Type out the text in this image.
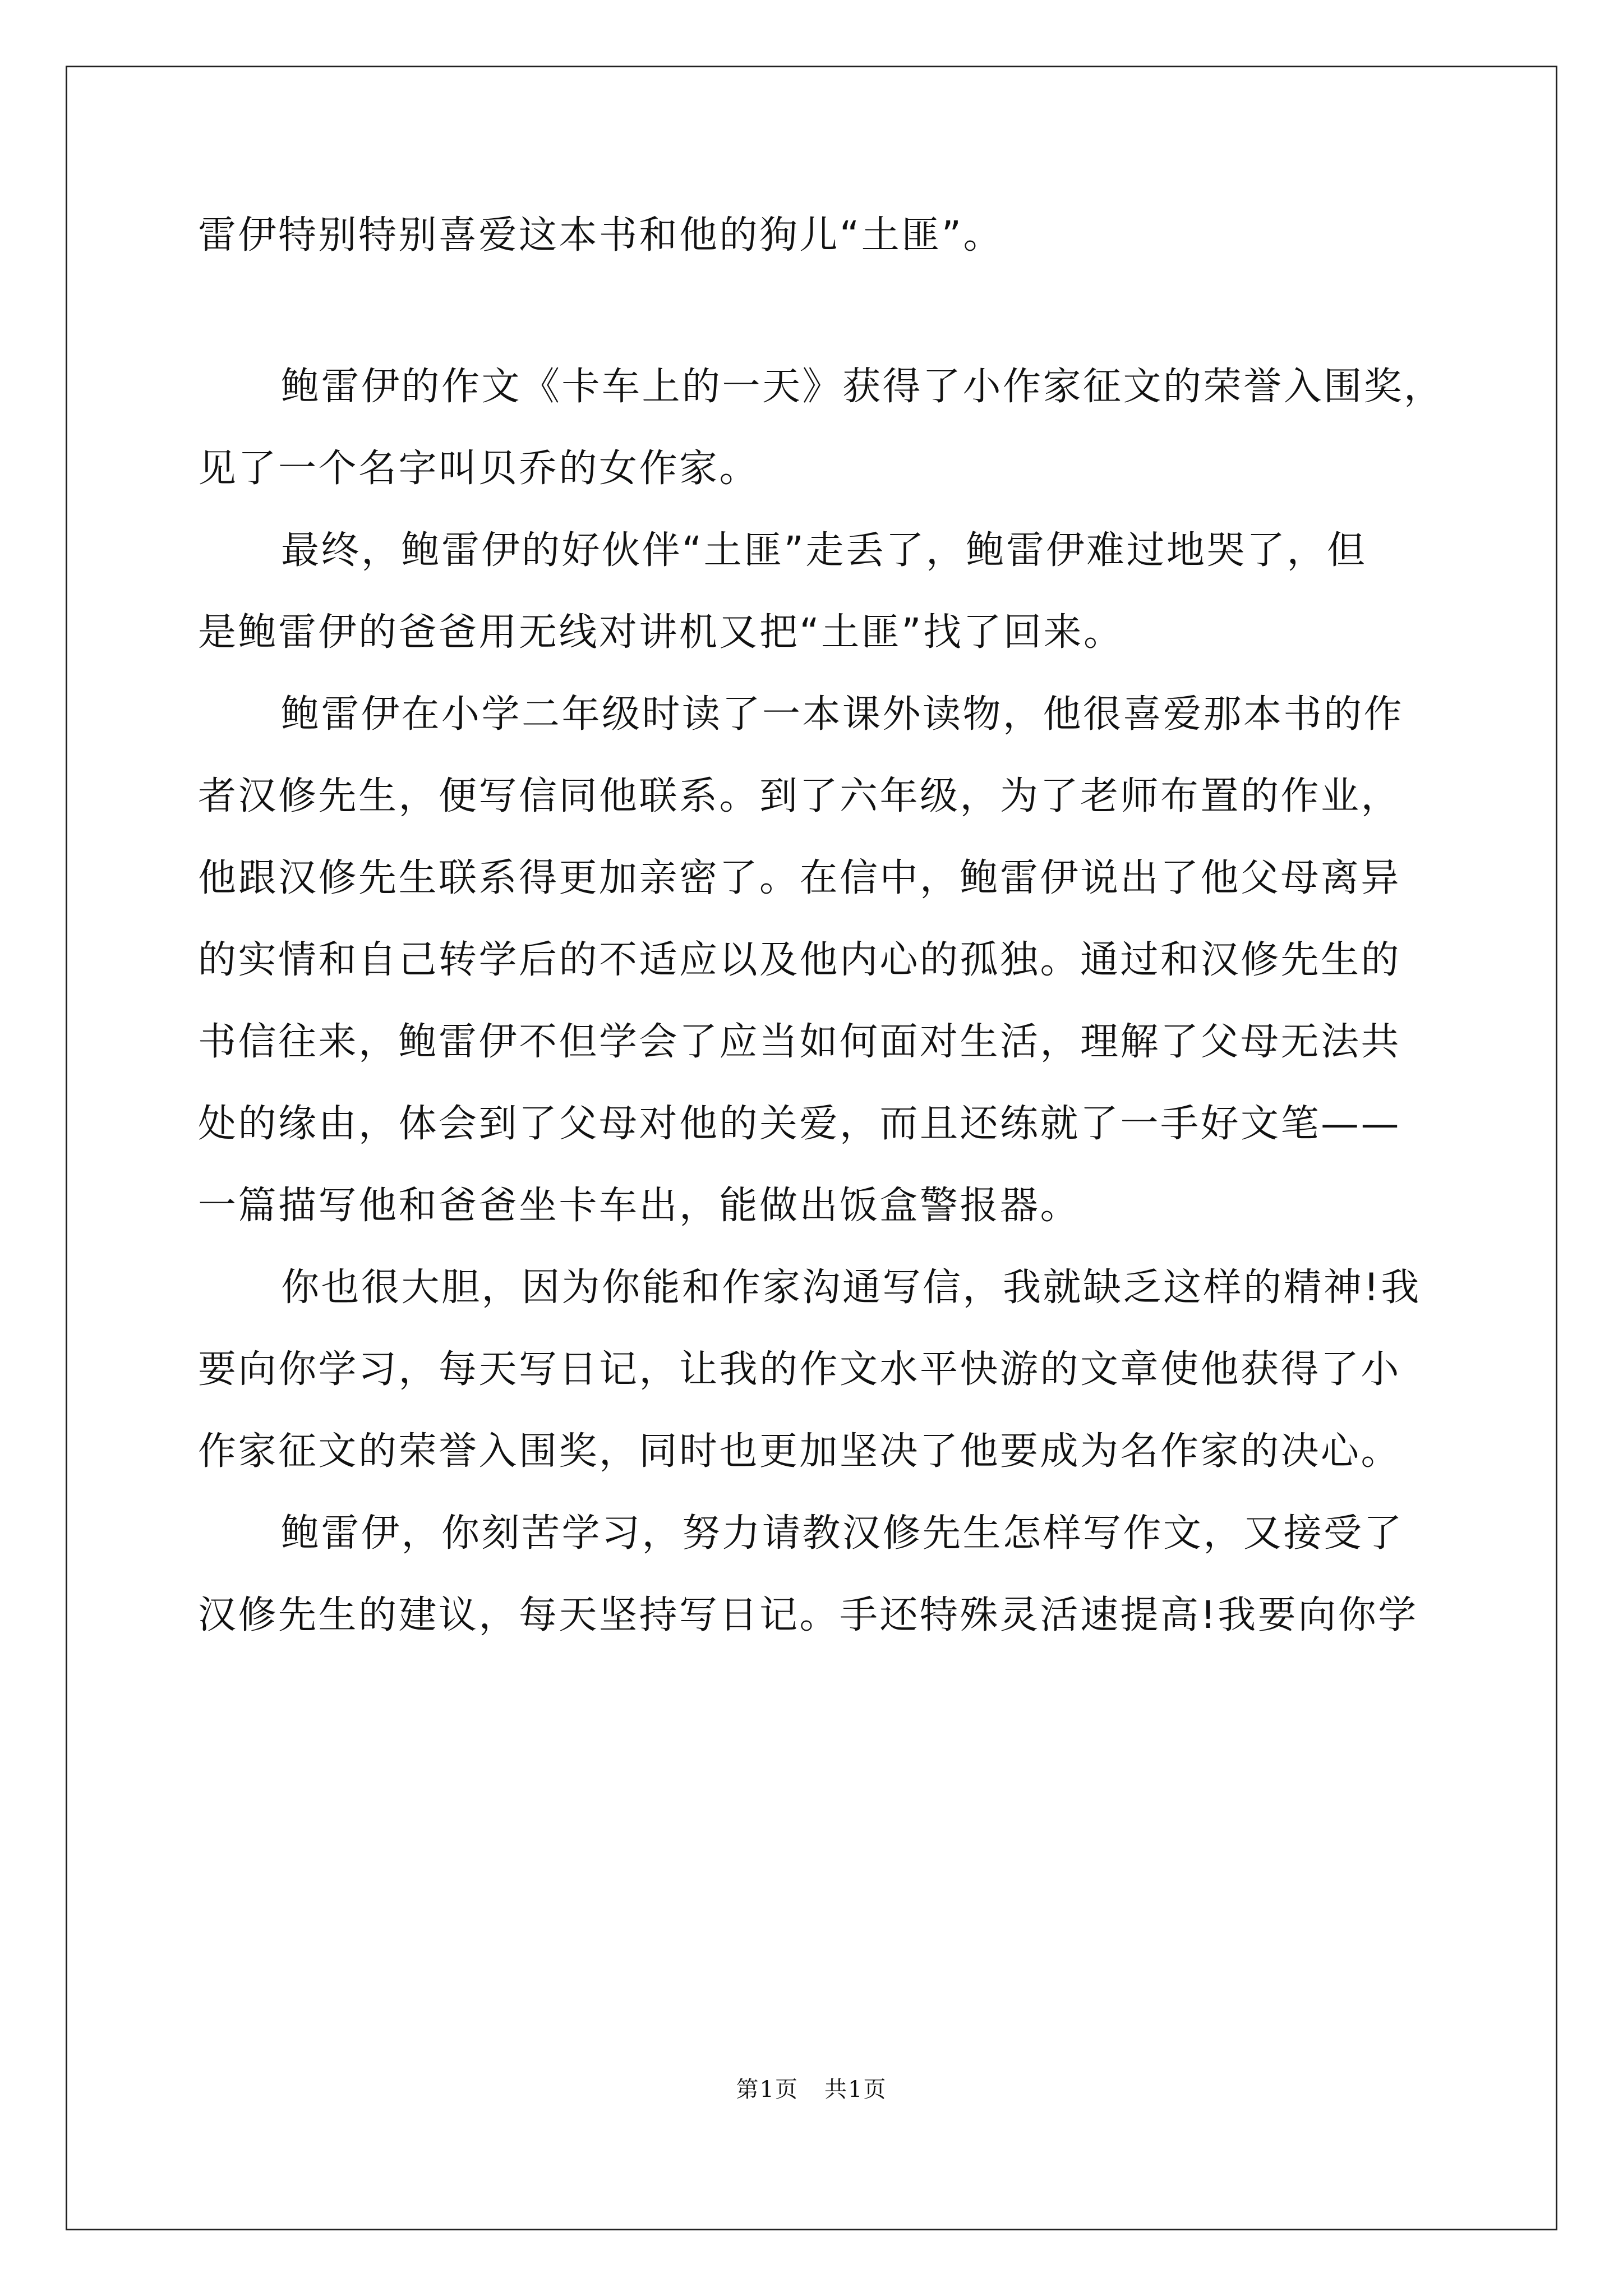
雷伊特别特别喜爱这本书和他的狗儿“土匪”。
鲍雷伊的作文《卡车上的一天》获得了小作家征文的荣誉入围奖，
见了一个名字叫贝乔的女作家。
最终，鲍雷伊的好伙伴“土匪”走丢了，鲍雷伊难过地哭了，但
是鲍雷伊的爸爸用无线对讲机又把“土匪”找了回来。
鲍雷伊在小学二年级时读了一本课外读物，他很喜爱那本书的作
者汉修先生，便写信同他联系。到了六年级，为了老师布置的作业，
他跟汉修先生联系得更加亲密了。在信中，鲍雷伊说出了他父母离异
的实情和自己转学后的不适应以及他内心的孤独。通过和汉修先生的
书信往来，鲍雷伊不但学会了应当如何面对生活，理解了父母无法共
处的缘由，体会到了父母对他的关爱，而且还练就了一手好文笔——
一篇描写他和爸爸坐卡车出，能做出饭盒警报器。
你也很大胆，因为你能和作家沟通写信，我就缺乏这样的精神!我
要向你学习，每天写日记，让我的作文水平快游的文章使他获得了小
作家征文的荣誉入围奖，同时也更加坚决了他要成为名作家的决心。
鲍雷伊，你刻苦学习，努力请教汉修先生怎样写作文，又接受了
汉修先生的建议，每天坚持写日记。手还特殊灵活速提高!我要向你学
第1页 共1页
